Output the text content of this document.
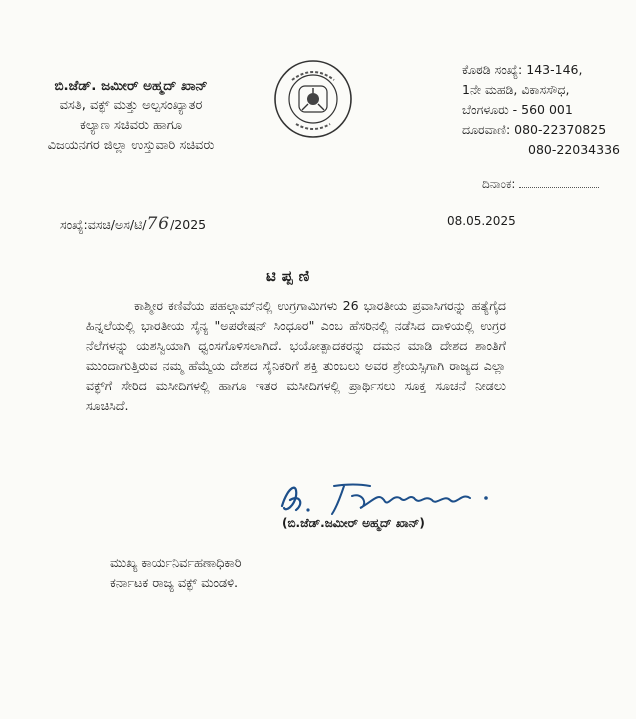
ಬಿ.ಜೆಡ್. ಜಮೀರ್ ಅಹ್ಮದ್ ಖಾನ್
ವಸತಿ, ವಕ್ಫ್ ಮತ್ತು ಅಲ್ಪಸಂಖ್ಯಾತರ
ಕಲ್ಯಾಣ ಸಚಿವರು ಹಾಗೂ
ವಿಜಯನಗರ ಜಿಲ್ಲಾ ಉಸ್ತುವಾರಿ ಸಚಿವರು
ಕೊಠಡಿ ಸಂಖ್ಯೆ: 143-146,
1ನೇ ಮಹಡಿ, ವಿಕಾಸಸೌಧ,
ಬೆಂಗಳೂರು - 560 001
ದೂರವಾಣಿ: 080-22370825
080-22034336
ದಿನಾಂಕ:
ಸಂಖ್ಯೆ:ವಸಚಿ/ಅಸ/ಟಿ/76/2025	08.05.2025
ಟಿಪ್ಪಣಿ
ಕಾಶ್ಮೀರ ಕಣಿವೆಯ ಪಹಲ್ಗಾಮ್‌ನಲ್ಲಿ ಉಗ್ರಗಾಮಿಗಳು 26 ಭಾರತೀಯ ಪ್ರವಾಸಿಗರನ್ನು ಹತ್ಯೆಗೈದ ಹಿನ್ನಲೆಯಲ್ಲಿ ಭಾರತೀಯ ಸೈನ್ಯ "ಅಪರೇಷನ್ ಸಿಂಧೂರ" ಎಂಬ ಹೆಸರಿನಲ್ಲಿ ನಡೆಸಿದ ದಾಳಿಯಲ್ಲಿ ಉಗ್ರರ ನೆಲೆಗಳನ್ನು ಯಶಸ್ವಿಯಾಗಿ ಧ್ವಂಸಗೊಳಿಸಲಾಗಿದೆ. ಭಯೋತ್ಪಾದಕರನ್ನು ದಮನ ಮಾಡಿ ದೇಶದ ಶಾಂತಿಗೆ ಮುಂದಾಗುತ್ತಿರುವ ನಮ್ಮ ಹೆಮ್ಮೆಯ ದೇಶದ ಸೈನಿಕರಿಗೆ ಶಕ್ತಿ ತುಂಬಲು ಅವರ ಶ್ರೇಯಸ್ಸಿಗಾಗಿ ರಾಜ್ಯದ ಎಲ್ಲಾ ವಕ್ಫ್‌ಗೆ ಸೇರಿದ ಮಸೀದಿಗಳಲ್ಲಿ ಹಾಗೂ ಇತರ ಮಸೀದಿಗಳಲ್ಲಿ ಪ್ರಾರ್ಥಿಸಲು ಸೂಕ್ತ ಸೂಚನೆ ನೀಡಲು ಸೂಚಿಸಿದೆ.
(ಬಿ.ಜೆಡ್.ಜಮೀರ್ ಅಹ್ಮದ್ ಖಾನ್)
ಮುಖ್ಯ ಕಾರ್ಯನಿರ್ವಹಣಾಧಿಕಾರಿ
ಕರ್ನಾಟಕ ರಾಜ್ಯ ವಕ್ಫ್ ಮಂಡಳಿ.
